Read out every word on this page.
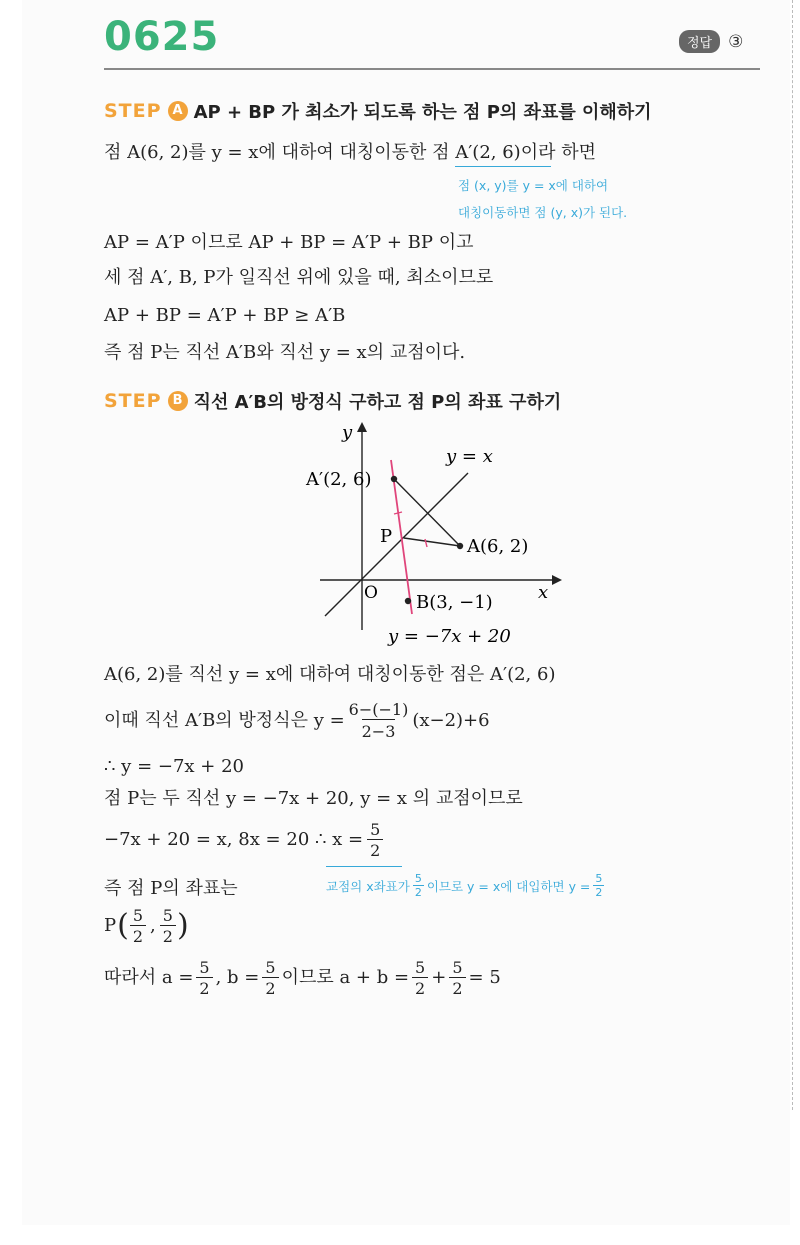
0625	정답 ③
STEP A AP + BP 가 최소가 되도록 하는 점 P의 좌표를 이해하기
점 A(6, 2)를 y = x에 대하여 대칭이동한 점 A′(2, 6)이라 하면
점 (x, y)를 y = x에 대하여
대칭이동하면 점 (y, x)가 된다.
AP = A′P 이므로 AP + BP = A′P + BP 이고
세 점 A′, B, P가 일직선 위에 있을 때, 최소이므로
AP + BP = A′P + BP ≥ A′B
즉 점 P는 직선 A′B와 직선 y = x의 교점이다.
STEP B 직선 A′B의 방정식 구하고 점 P의 좌표 구하기
y
x
O
A′(2, 6)
P	A(6, 2)
B(3, −1)
y = x
y = −7x + 20
A(6, 2)를 직선 y = x에 대하여 대칭이동한 점은 A′(2, 6)
이때 직선 A′B의 방정식은 $y = \frac{6-(-1)}{2-3} (x-2)+6$
∴ y = −7x + 20
점 P는 두 직선 y = −7x + 20, y = x 의 교점이므로
−7x + 20 = x, 8x = 20 ∴ $x = \frac{5}{2}$
즉 점 P의 좌표는	교점의 x좌표가 $\frac{5}{2}$ 이므로 y = x에 대입하면 $y = \frac{5}{2}$
P ( $\frac{5}{2}$ , $\frac{5}{2}$ )
따라서 $a = \frac{5}{2}$ , $b = \frac{5}{2}$ 이므로 $a + b = \frac{5}{2} + \frac{5}{2} = 5$
